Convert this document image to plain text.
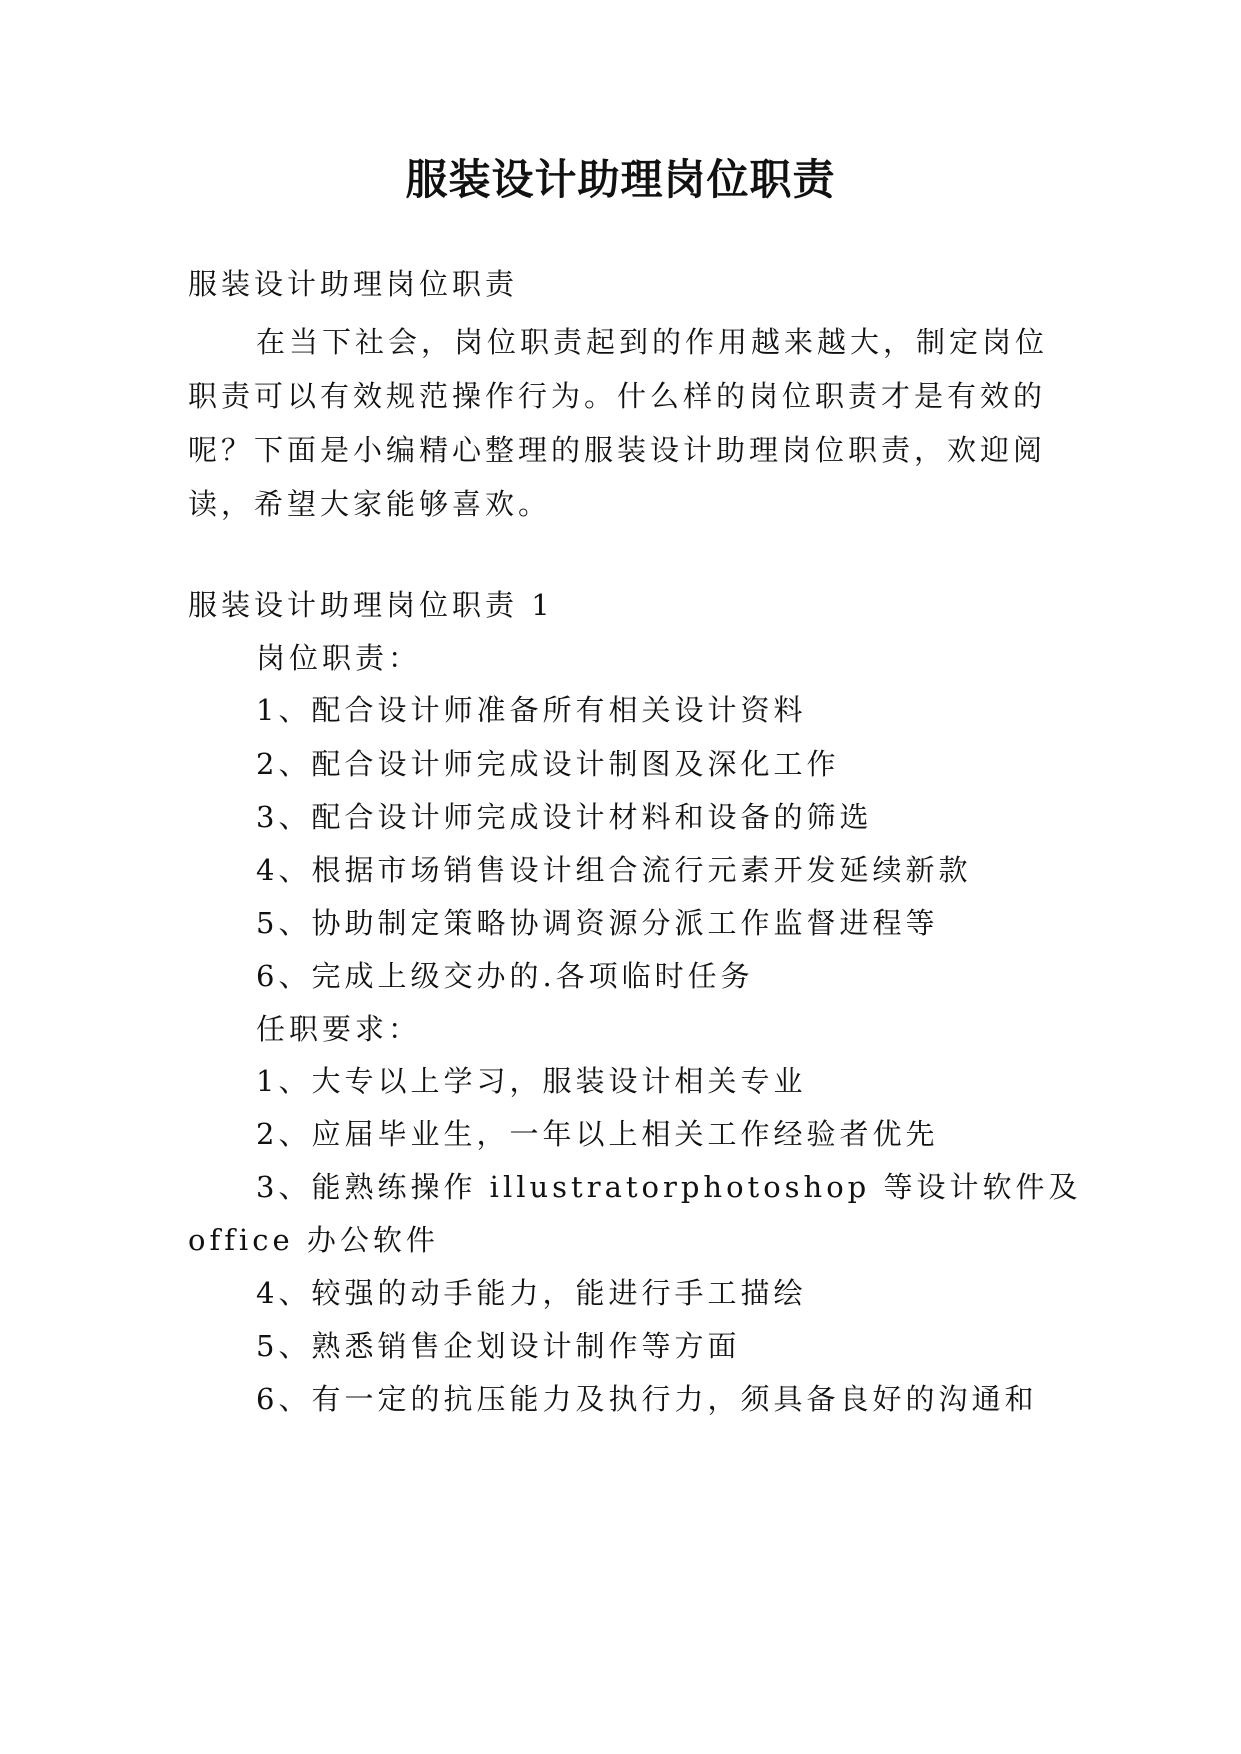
服装设计助理岗位职责
服装设计助理岗位职责
在当下社会，岗位职责起到的作用越来越大，制定岗位
职责可以有效规范操作行为。什么样的岗位职责才是有效的
呢？下面是小编精心整理的服装设计助理岗位职责，欢迎阅
读，希望大家能够喜欢。
服装设计助理岗位职责 1
岗位职责：
1、配合设计师准备所有相关设计资料
2、配合设计师完成设计制图及深化工作
3、配合设计师完成设计材料和设备的筛选
4、根据市场销售设计组合流行元素开发延续新款
5、协助制定策略协调资源分派工作监督进程等
6、完成上级交办的.各项临时任务
任职要求：
1、大专以上学习，服装设计相关专业
2、应届毕业生，一年以上相关工作经验者优先
3、能熟练操作 illustratorphotoshop 等设计软件及
office 办公软件
4、较强的动手能力，能进行手工描绘
5、熟悉销售企划设计制作等方面
6、有一定的抗压能力及执行力，须具备良好的沟通和
